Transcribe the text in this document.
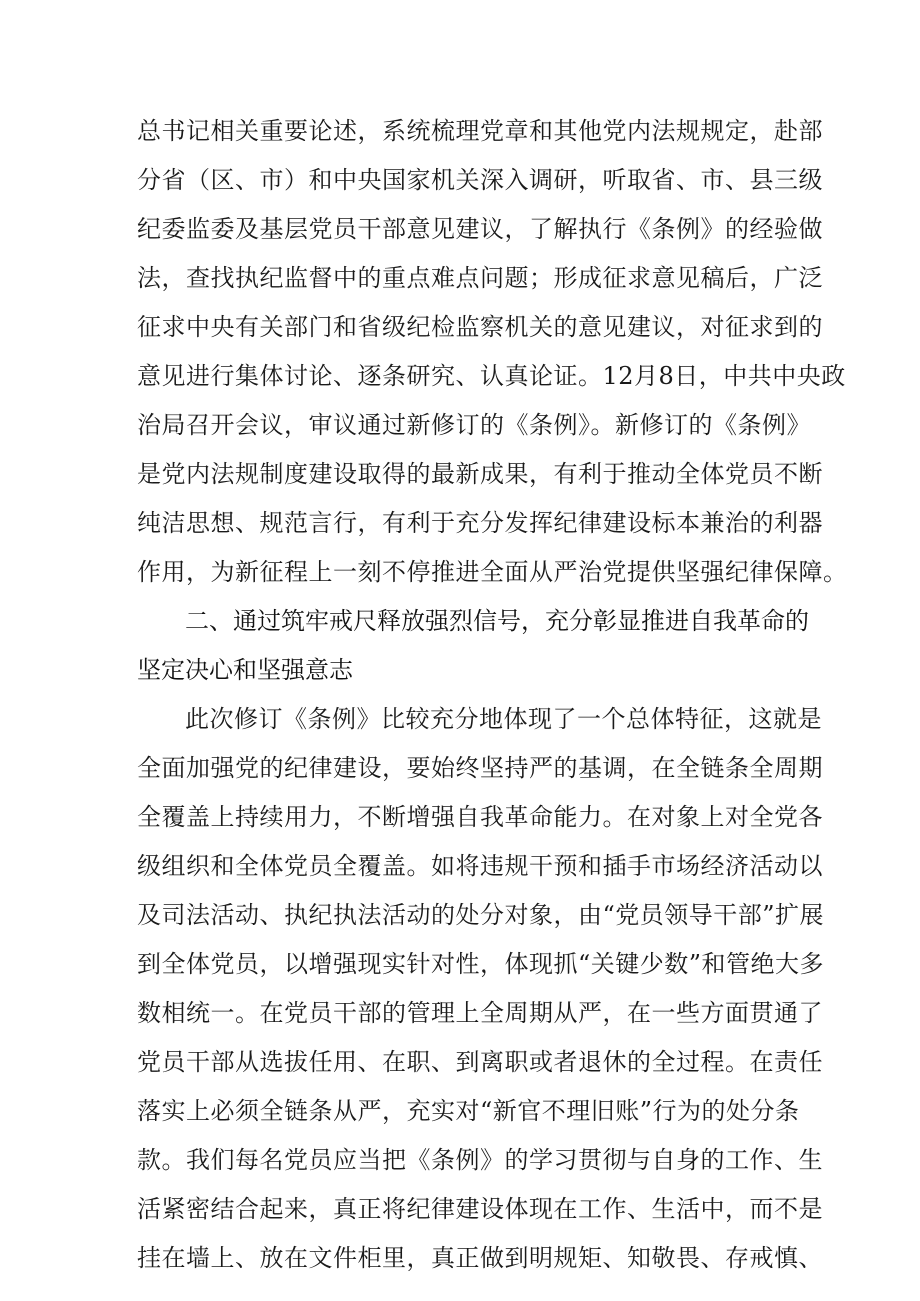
总书记相关重要论述，系统梳理党章和其他党内法规规定，赴部
分省（区、市）和中央国家机关深入调研，听取省、市、县三级
纪委监委及基层党员干部意见建议，了解执行《条例》的经验做
法，查找执纪监督中的重点难点问题；形成征求意见稿后，广泛
征求中央有关部门和省级纪检监察机关的意见建议，对征求到的
意见进行集体讨论、逐条研究、认真论证。12月8日，中共中央政
治局召开会议，审议通过新修订的《条例》。新修订的《条例》
是党内法规制度建设取得的最新成果，有利于推动全体党员不断
纯洁思想、规范言行，有利于充分发挥纪律建设标本兼治的利器
作用，为新征程上一刻不停推进全面从严治党提供坚强纪律保障。
二、通过筑牢戒尺释放强烈信号，充分彰显推进自我革命的
坚定决心和坚强意志
此次修订《条例》比较充分地体现了一个总体特征，这就是
全面加强党的纪律建设，要始终坚持严的基调，在全链条全周期
全覆盖上持续用力，不断增强自我革命能力。在对象上对全党各
级组织和全体党员全覆盖。如将违规干预和插手市场经济活动以
及司法活动、执纪执法活动的处分对象，由“党员领导干部”扩展
到全体党员，以增强现实针对性，体现抓“关键少数”和管绝大多
数相统一。在党员干部的管理上全周期从严，在一些方面贯通了
党员干部从选拔任用、在职、到离职或者退休的全过程。在责任
落实上必须全链条从严，充实对“新官不理旧账”行为的处分条
款。我们每名党员应当把《条例》的学习贯彻与自身的工作、生
活紧密结合起来，真正将纪律建设体现在工作、生活中，而不是
挂在墙上、放在文件柜里，真正做到明规矩、知敬畏、存戒慎、
